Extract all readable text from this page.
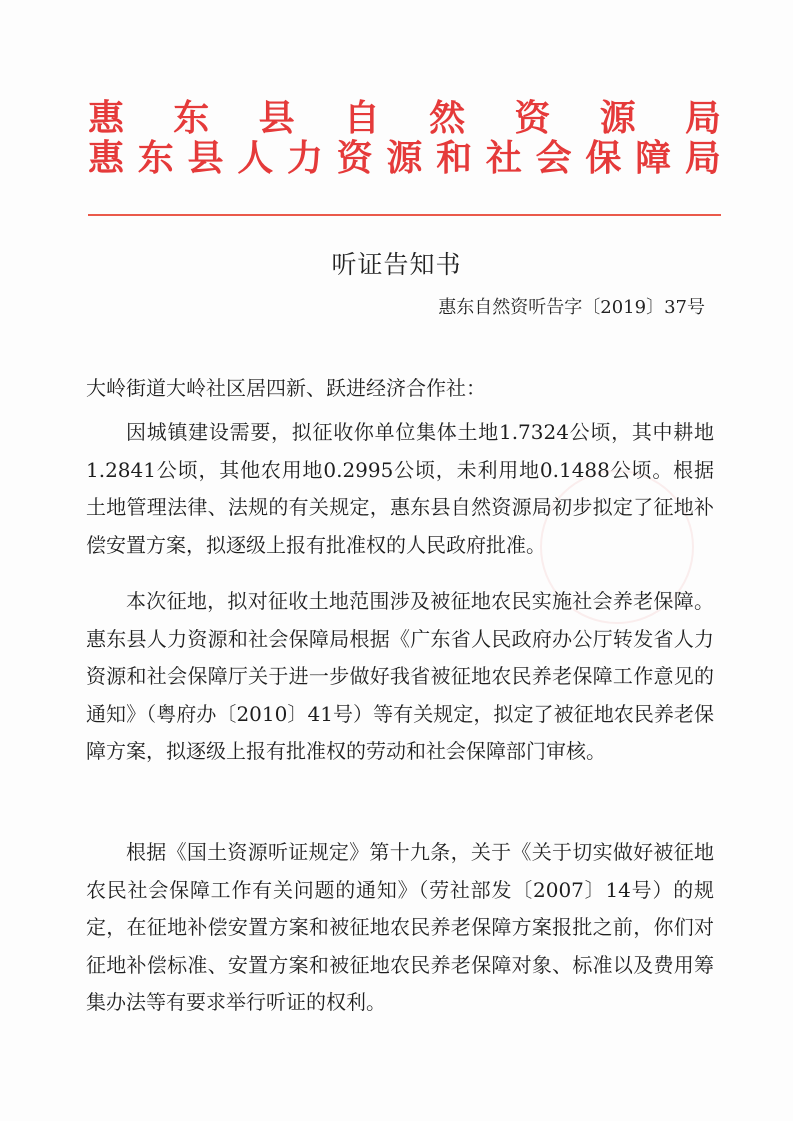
惠 东 县 自 然 资 源 局
惠 东 县 人 力 资 源 和 社 会 保 障 局
听证告知书
惠东自然资听告字〔2019〕37号
大岭街道大岭社区居四新、跃进经济合作社：
因城镇建设需要，拟征收你单位集体土地1.7324公顷，其中耕地1.2841公顷，其他农用地0.2995公顷，未利用地0.1488公顷。根据土地管理法律、法规的有关规定，惠东县自然资源局初步拟定了征地补偿安置方案，拟逐级上报有批准权的人民政府批准。
本次征地，拟对征收土地范围涉及被征地农民实施社会养老保障。惠东县人力资源和社会保障局根据《广东省人民政府办公厅转发省人力资源和社会保障厅关于进一步做好我省被征地农民养老保障工作意见的通知》（粤府办〔2010〕41号）等有关规定，拟定了被征地农民养老保障方案，拟逐级上报有批准权的劳动和社会保障部门审核。
根据《国土资源听证规定》第十九条，关于《关于切实做好被征地农民社会保障工作有关问题的通知》（劳社部发〔2007〕14号）的规定，在征地补偿安置方案和被征地农民养老保障方案报批之前，你们对征地补偿标准、安置方案和被征地农民养老保障对象、标准以及费用筹集办法等有要求举行听证的权利。
